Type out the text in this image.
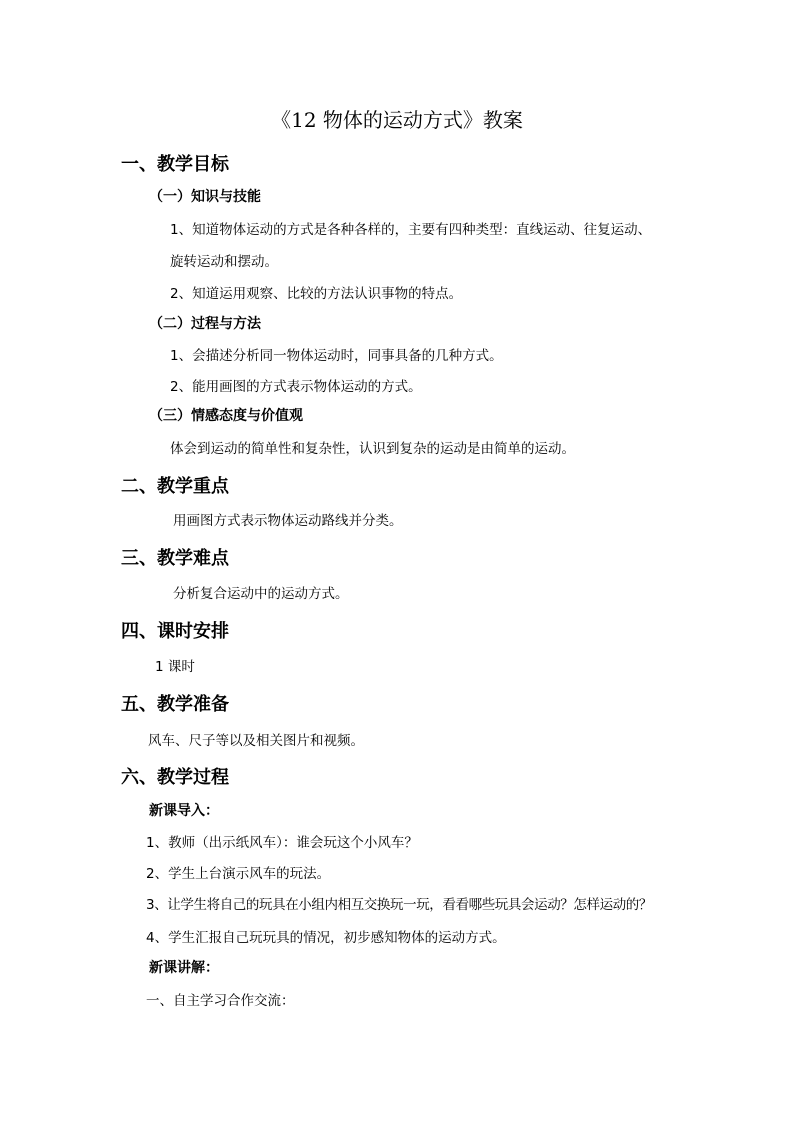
《12 物体的运动方式》教案
一、教学目标
（一）知识与技能
1、知道物体运动的方式是各种各样的，主要有四种类型：直线运动、往复运动、
旋转运动和摆动。
2、知道运用观察、比较的方法认识事物的特点。
（二）过程与方法
1、会描述分析同一物体运动时，同事具备的几种方式。
2、能用画图的方式表示物体运动的方式。
（三）情感态度与价值观
体会到运动的简单性和复杂性，认识到复杂的运动是由简单的运动。
二、教学重点
用画图方式表示物体运动路线并分类。
三、教学难点
分析复合运动中的运动方式。
四、课时安排
1 课时
五、教学准备
风车、尺子等以及相关图片和视频。
六、教学过程
新课导入：
1、教师（出示纸风车）：谁会玩这个小风车？
2、学生上台演示风车的玩法。
3、让学生将自己的玩具在小组内相互交换玩一玩，看看哪些玩具会运动？怎样运动的？
4、学生汇报自己玩玩具的情况，初步感知物体的运动方式。
新课讲解：
一、自主学习合作交流：
